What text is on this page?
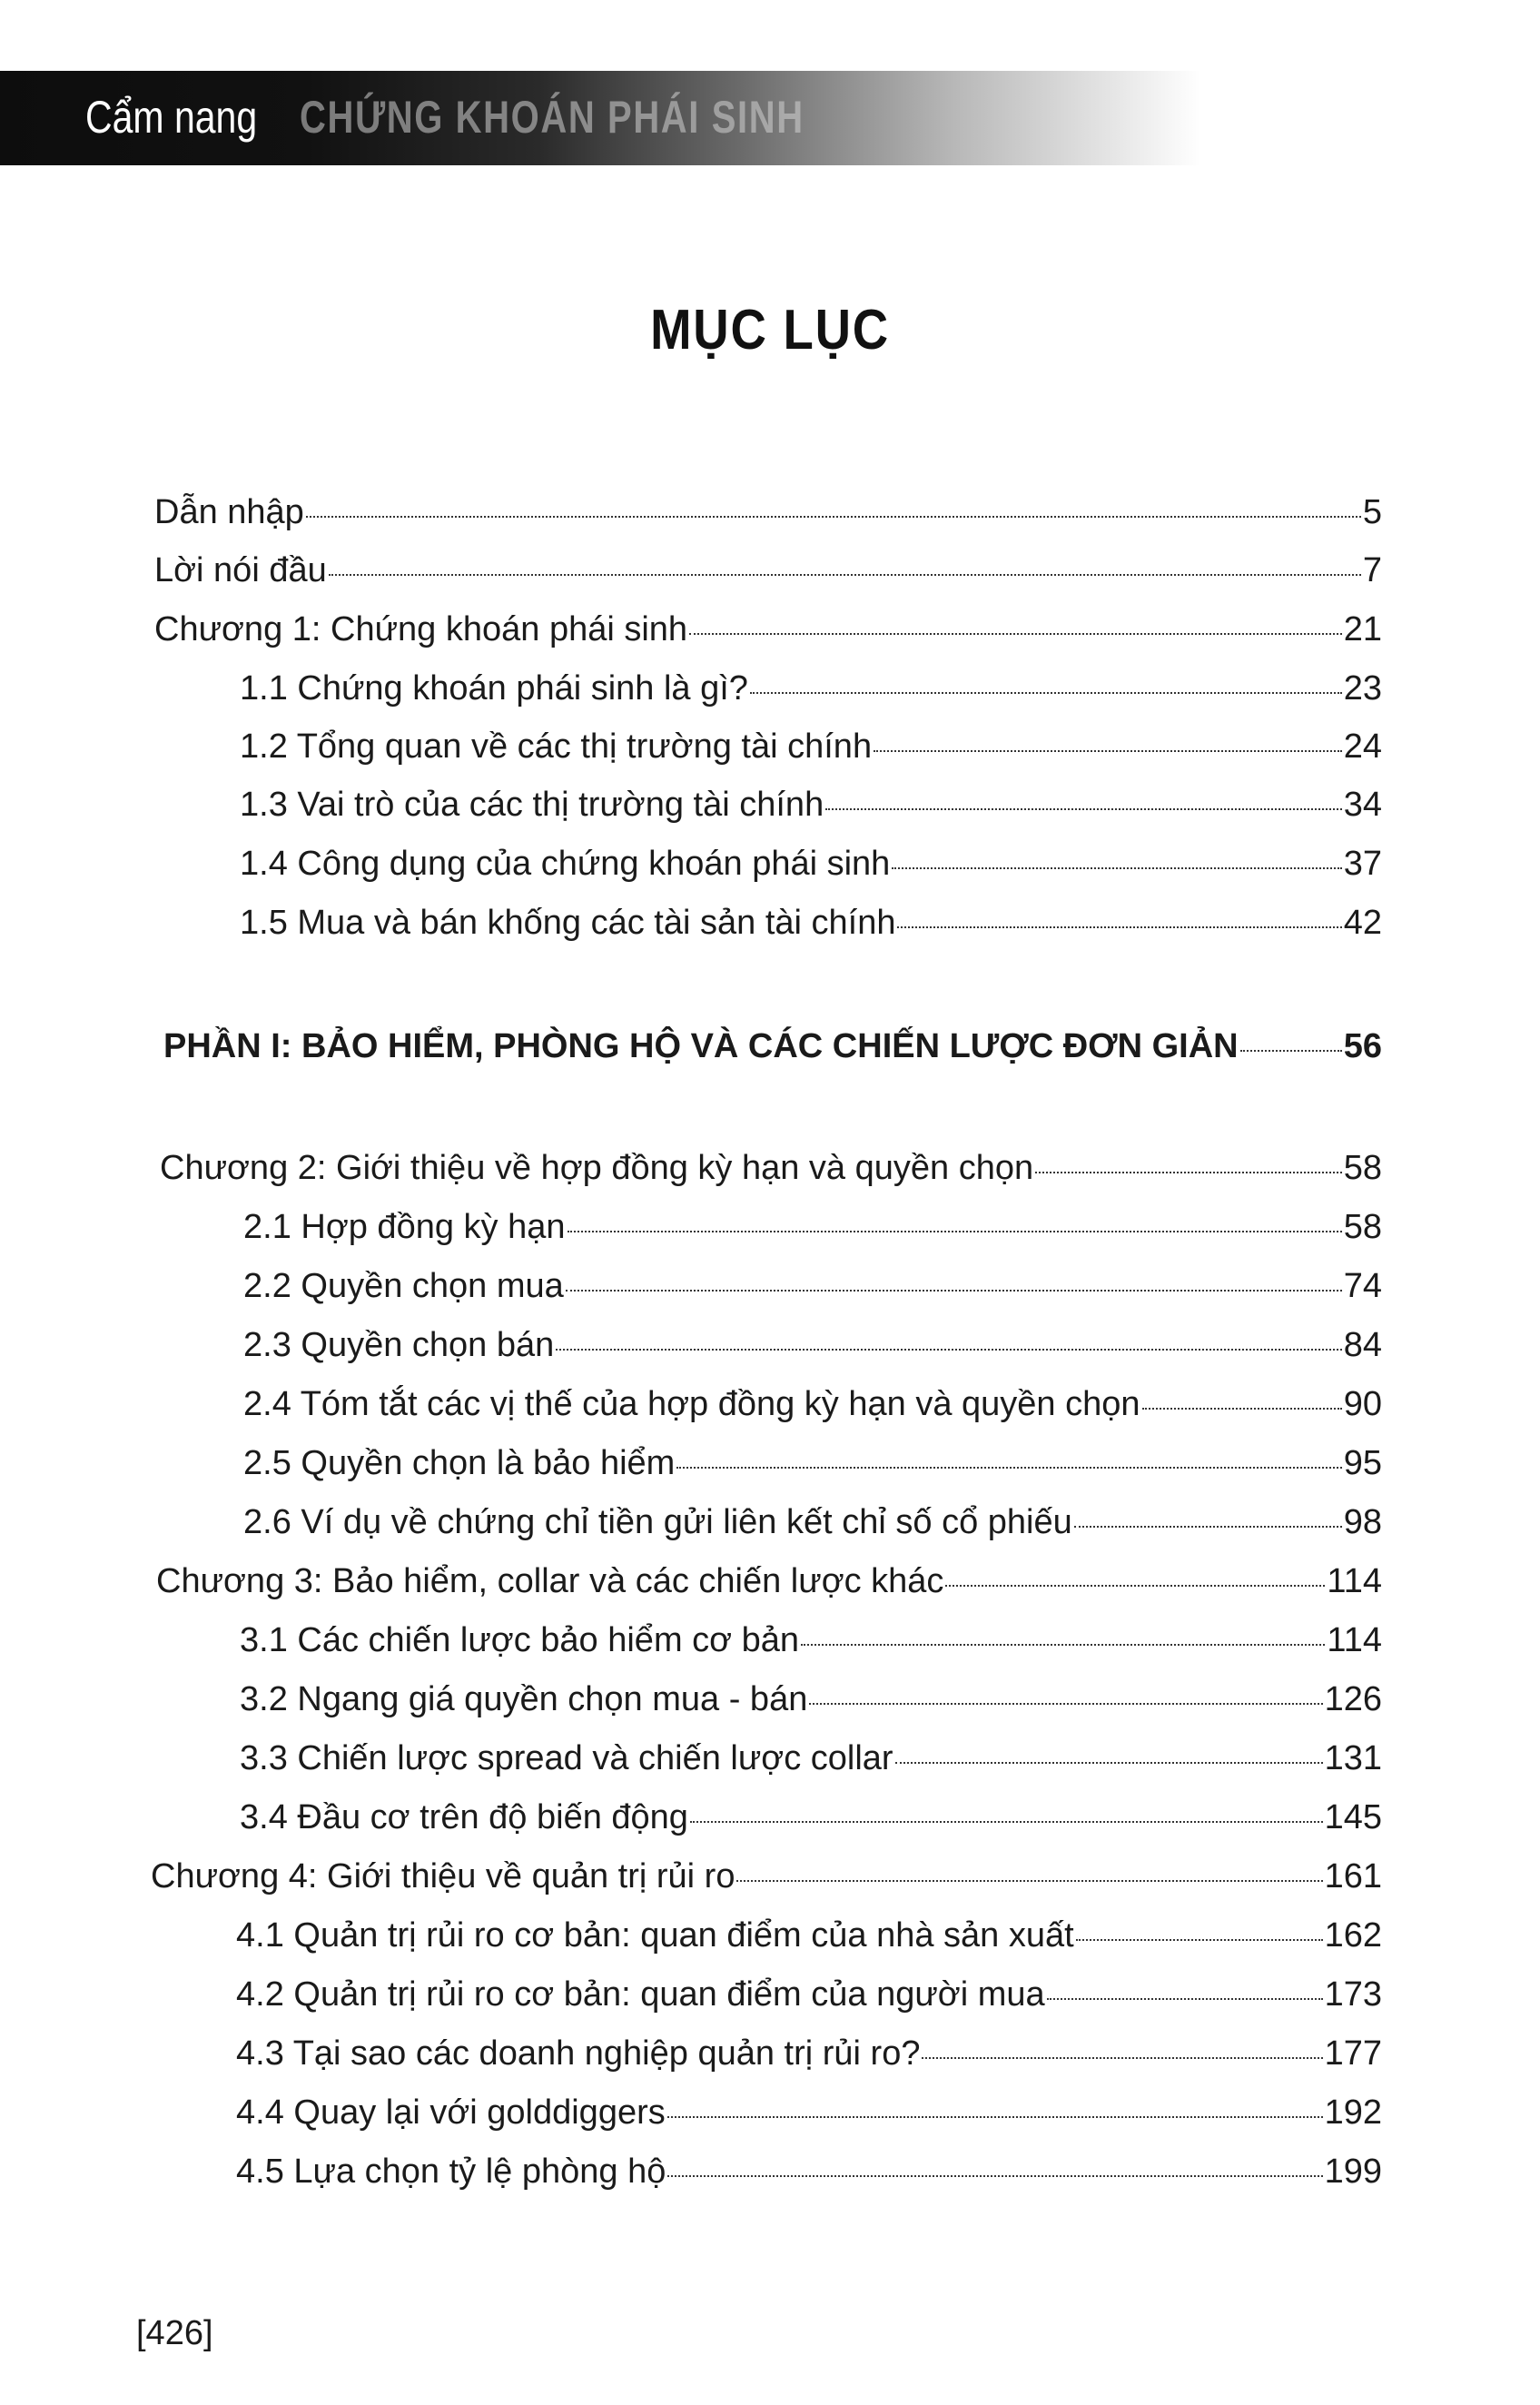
Cẩm nang CHỨNG KHOÁN PHÁI SINH
MỤC LỤC
Dẫn nhập	5
Lời nói đầu	7
Chương 1: Chứng khoán phái sinh	21
1.1 Chứng khoán phái sinh là gì?	23
1.2 Tổng quan về các thị trường tài chính	24
1.3 Vai trò của các thị trường tài chính	34
1.4 Công dụng của chứng khoán phái sinh	37
1.5 Mua và bán khống các tài sản tài chính	42
PHẦN I: BẢO HIỂM, PHÒNG HỘ VÀ CÁC CHIẾN LƯỢC ĐƠN GIẢN	56
Chương 2: Giới thiệu về hợp đồng kỳ hạn và quyền chọn	58
2.1 Hợp đồng kỳ hạn	58
2.2 Quyền chọn mua	74
2.3 Quyền chọn bán	84
2.4 Tóm tắt các vị thế của hợp đồng kỳ hạn và quyền chọn	90
2.5 Quyền chọn là bảo hiểm	95
2.6 Ví dụ về chứng chỉ tiền gửi liên kết chỉ số cổ phiếu	98
Chương 3: Bảo hiểm, collar và các chiến lược khác	114
3.1 Các chiến lược bảo hiểm cơ bản	114
3.2 Ngang giá quyền chọn mua - bán	126
3.3 Chiến lược spread và chiến lược collar	131
3.4 Đầu cơ trên độ biến động	145
Chương 4: Giới thiệu về quản trị rủi ro	161
4.1 Quản trị rủi ro cơ bản: quan điểm của nhà sản xuất	162
4.2 Quản trị rủi ro cơ bản: quan điểm của người mua	173
4.3 Tại sao các doanh nghiệp quản trị rủi ro?	177
4.4 Quay lại với golddiggers	192
4.5 Lựa chọn tỷ lệ phòng hộ	199
[426]
